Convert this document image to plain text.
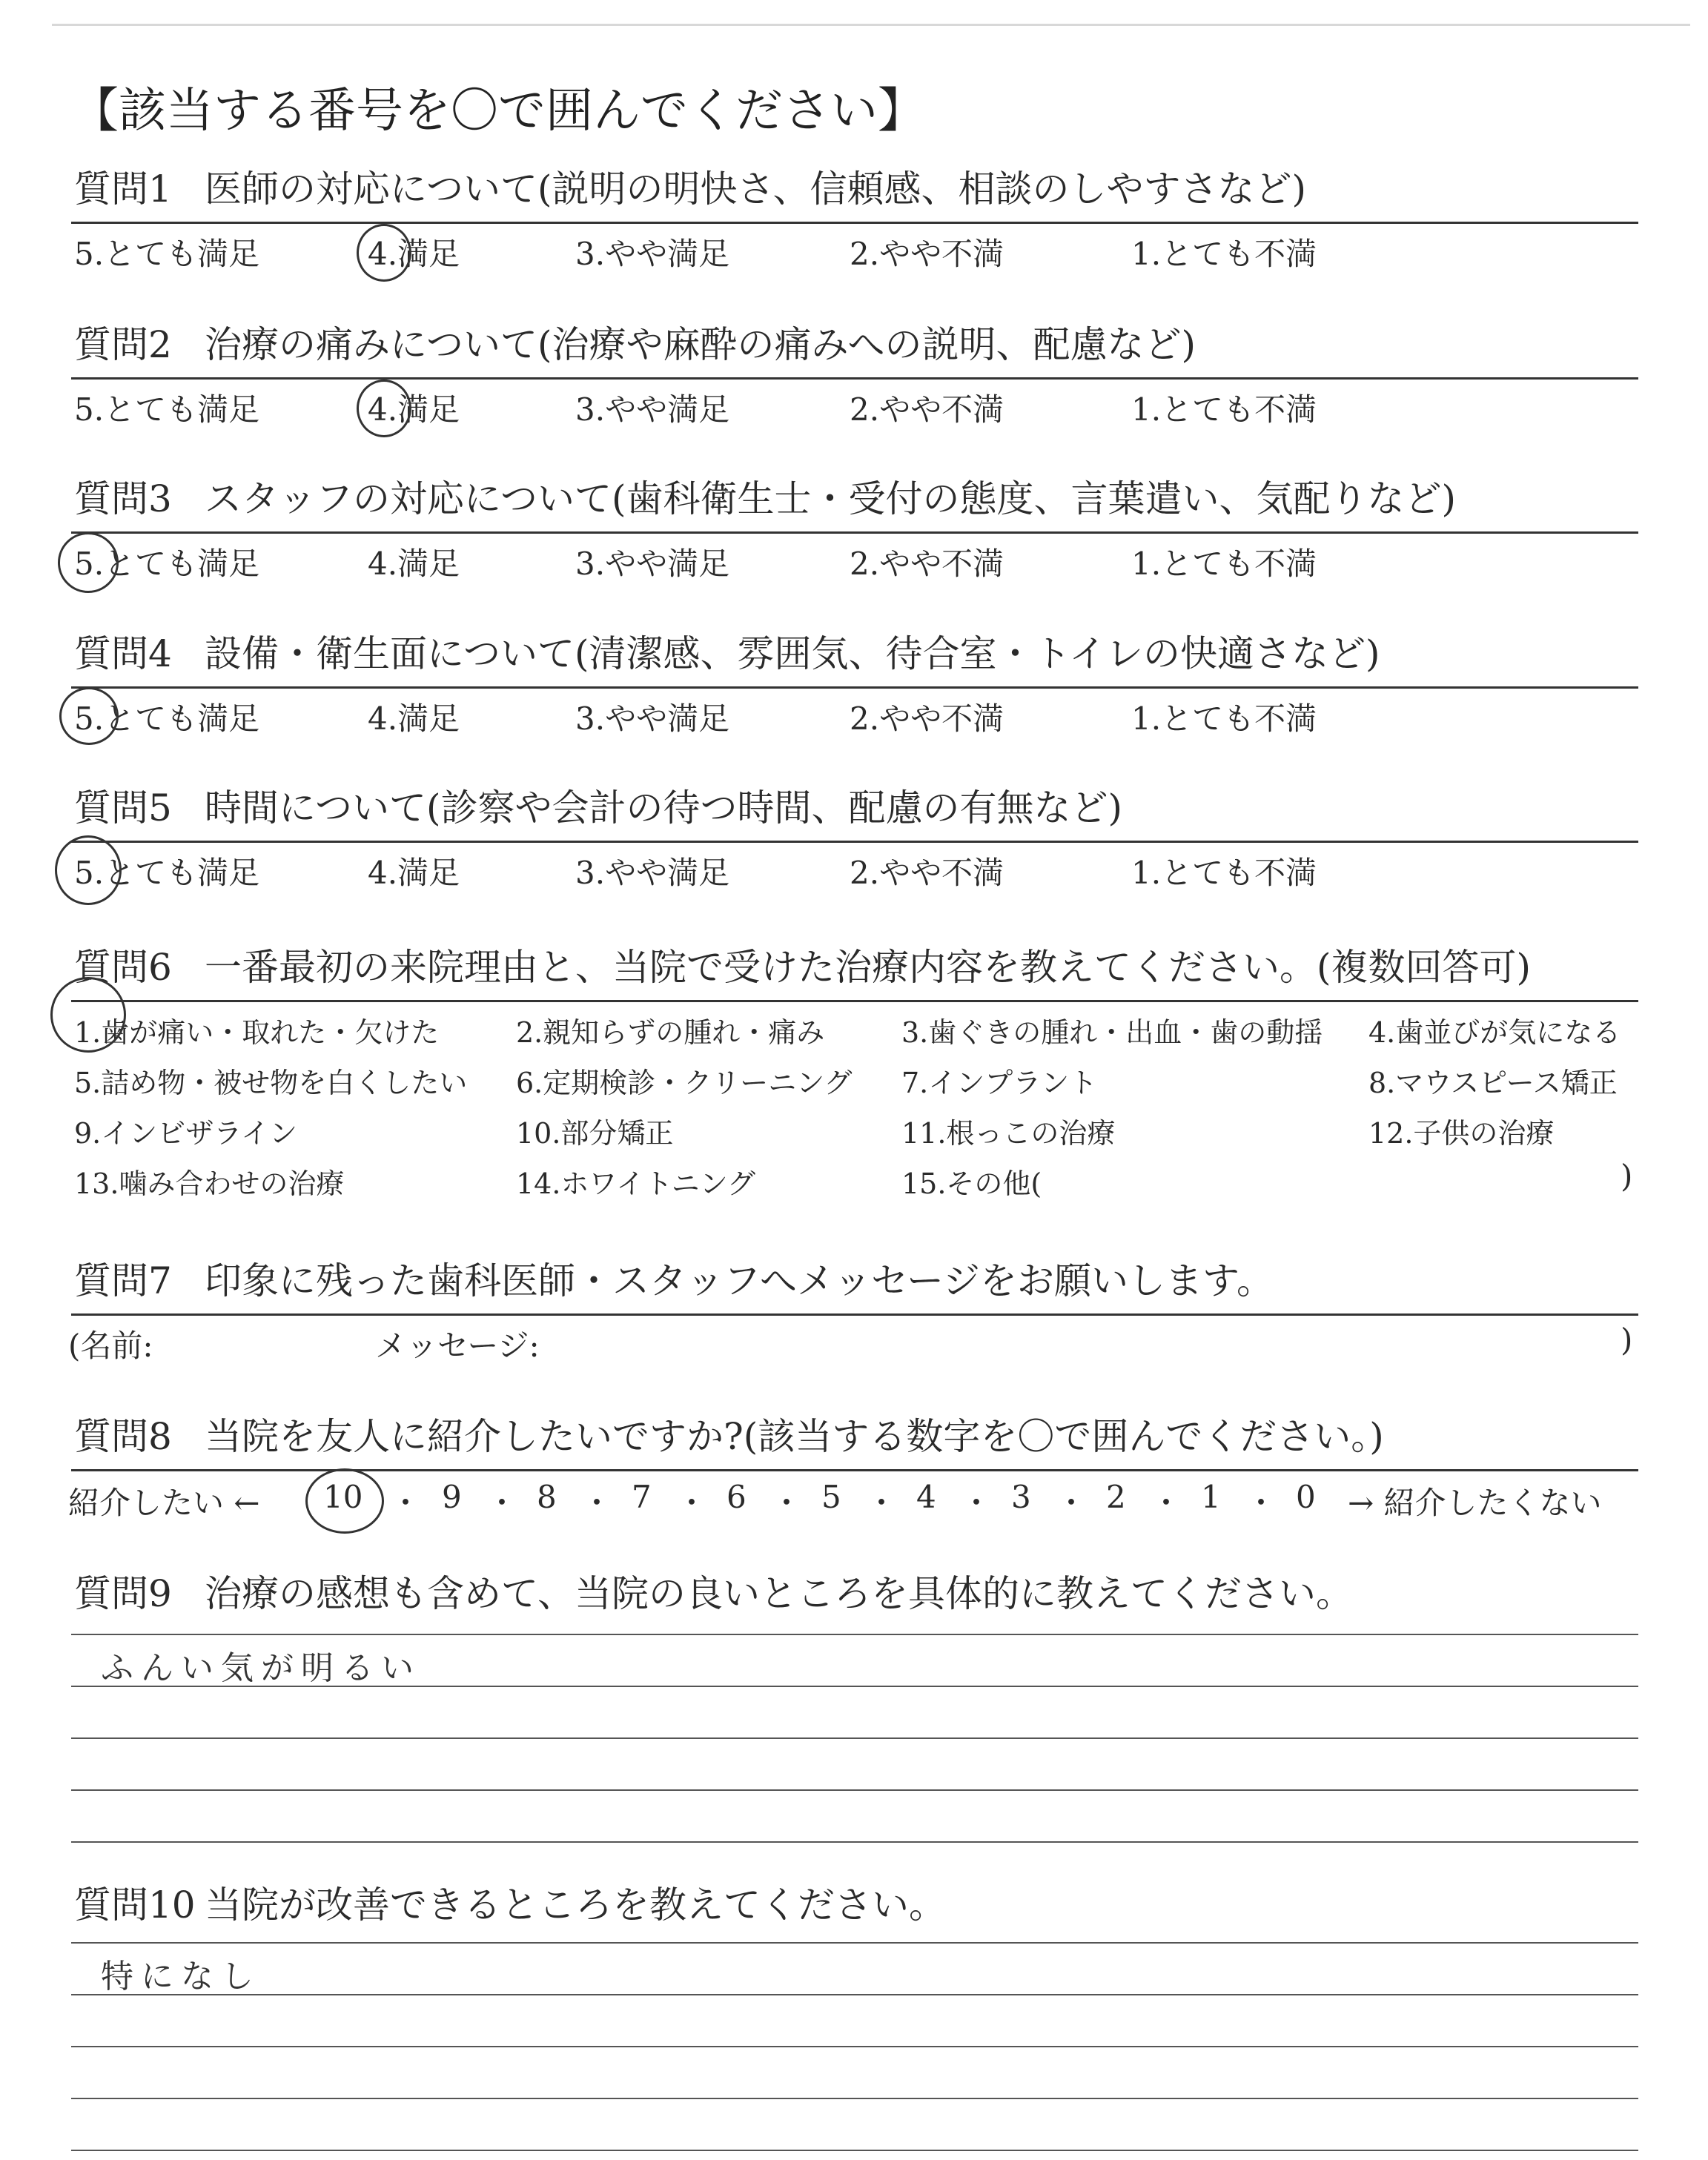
【該当する番号を〇で囲んでください】
質問1 医師の対応について(説明の明快さ、信頼感、相談のしやすさなど)
5.とても満足	4.満足	3.やや満足	2.やや不満	1.とても不満
質問2 治療の痛みについて(治療や麻酔の痛みへの説明、配慮など)
5.とても満足	4.満足	3.やや満足	2.やや不満	1.とても不満
質問3 スタッフの対応について(歯科衛生士・受付の態度、言葉遣い、気配りなど)
5.とても満足	4.満足	3.やや満足	2.やや不満	1.とても不満
質問4 設備・衛生面について(清潔感、雰囲気、待合室・トイレの快適さなど)
5.とても満足	4.満足	3.やや満足	2.やや不満	1.とても不満
質問5 時間について(診察や会計の待つ時間、配慮の有無など)
5.とても満足	4.満足	3.やや満足	2.やや不満	1.とても不満
質問6 一番最初の来院理由と、当院で受けた治療内容を教えてください。(複数回答可)
1.歯が痛い・取れた・欠けた	2.親知らずの腫れ・痛み	3.歯ぐきの腫れ・出血・歯の動揺 4.歯並びが気になる
5.詰め物・被せ物を白くしたい 6.定期検診・クリーニング 7.インプラント	8.マウスピース矯正
9.インビザライン	10.部分矯正	11.根っこの治療	12.子供の治療
13.噛み合わせの治療	14.ホワイトニング	15.その他(	)
質問7 印象に残った歯科医師・スタッフへメッセージをお願いします。
(名前:	メッセージ:	)
質問8 当院を友人に紹介したいですか?(該当する数字を〇で囲んでください。)
紹介したい ← 10 ・ 9 ・ 8 ・ 7 ・ 6 ・ 5 ・ 4 ・ 3 ・ 2 ・ 1 ・ 0 → 紹介したくない
質問9 治療の感想も含めて、当院の良いところを具体的に教えてください。
ふんい気が明るい
質問10 当院が改善できるところを教えてください。
特になし
